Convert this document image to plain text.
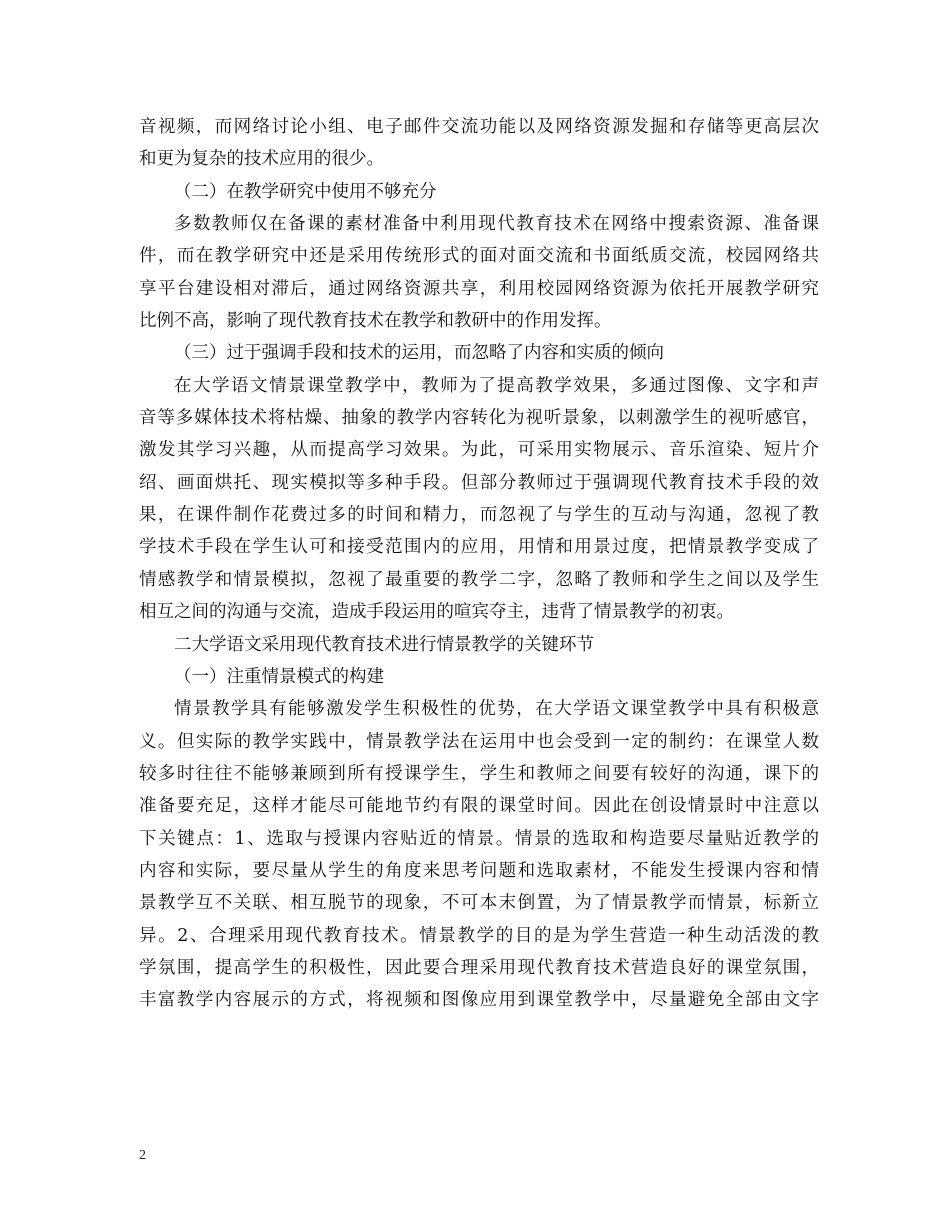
音视频，而网络讨论小组、电子邮件交流功能以及网络资源发掘和存储等更高层次
和更为复杂的技术应用的很少。
（二）在教学研究中使用不够充分
多数教师仅在备课的素材准备中利用现代教育技术在网络中搜索资源、准备课
件，而在教学研究中还是采用传统形式的面对面交流和书面纸质交流，校园网络共
享平台建设相对滞后，通过网络资源共享，利用校园网络资源为依托开展教学研究
比例不高，影响了现代教育技术在教学和教研中的作用发挥。
（三）过于强调手段和技术的运用，而忽略了内容和实质的倾向
在大学语文情景课堂教学中，教师为了提高教学效果，多通过图像、文字和声
音等多媒体技术将枯燥、抽象的教学内容转化为视听景象，以刺激学生的视听感官，
激发其学习兴趣，从而提高学习效果。为此，可采用实物展示、音乐渲染、短片介
绍、画面烘托、现实模拟等多种手段。但部分教师过于强调现代教育技术手段的效
果，在课件制作花费过多的时间和精力，而忽视了与学生的互动与沟通，忽视了教
学技术手段在学生认可和接受范围内的应用，用情和用景过度，把情景教学变成了
情感教学和情景模拟，忽视了最重要的教学二字，忽略了教师和学生之间以及学生
相互之间的沟通与交流，造成手段运用的喧宾夺主，违背了情景教学的初衷。
二大学语文采用现代教育技术进行情景教学的关键环节
（一）注重情景模式的构建
情景教学具有能够激发学生积极性的优势，在大学语文课堂教学中具有积极意
义。但实际的教学实践中，情景教学法在运用中也会受到一定的制约：在课堂人数
较多时往往不能够兼顾到所有授课学生，学生和教师之间要有较好的沟通，课下的
准备要充足，这样才能尽可能地节约有限的课堂时间。因此在创设情景时中注意以
下关键点：1、选取与授课内容贴近的情景。情景的选取和构造要尽量贴近教学的
内容和实际，要尽量从学生的角度来思考问题和选取素材，不能发生授课内容和情
景教学互不关联、相互脱节的现象，不可本末倒置，为了情景教学而情景，标新立
异。2、合理采用现代教育技术。情景教学的目的是为学生营造一种生动活泼的教
学氛围，提高学生的积极性，因此要合理采用现代教育技术营造良好的课堂氛围，
丰富教学内容展示的方式，将视频和图像应用到课堂教学中，尽量避免全部由文字
2
